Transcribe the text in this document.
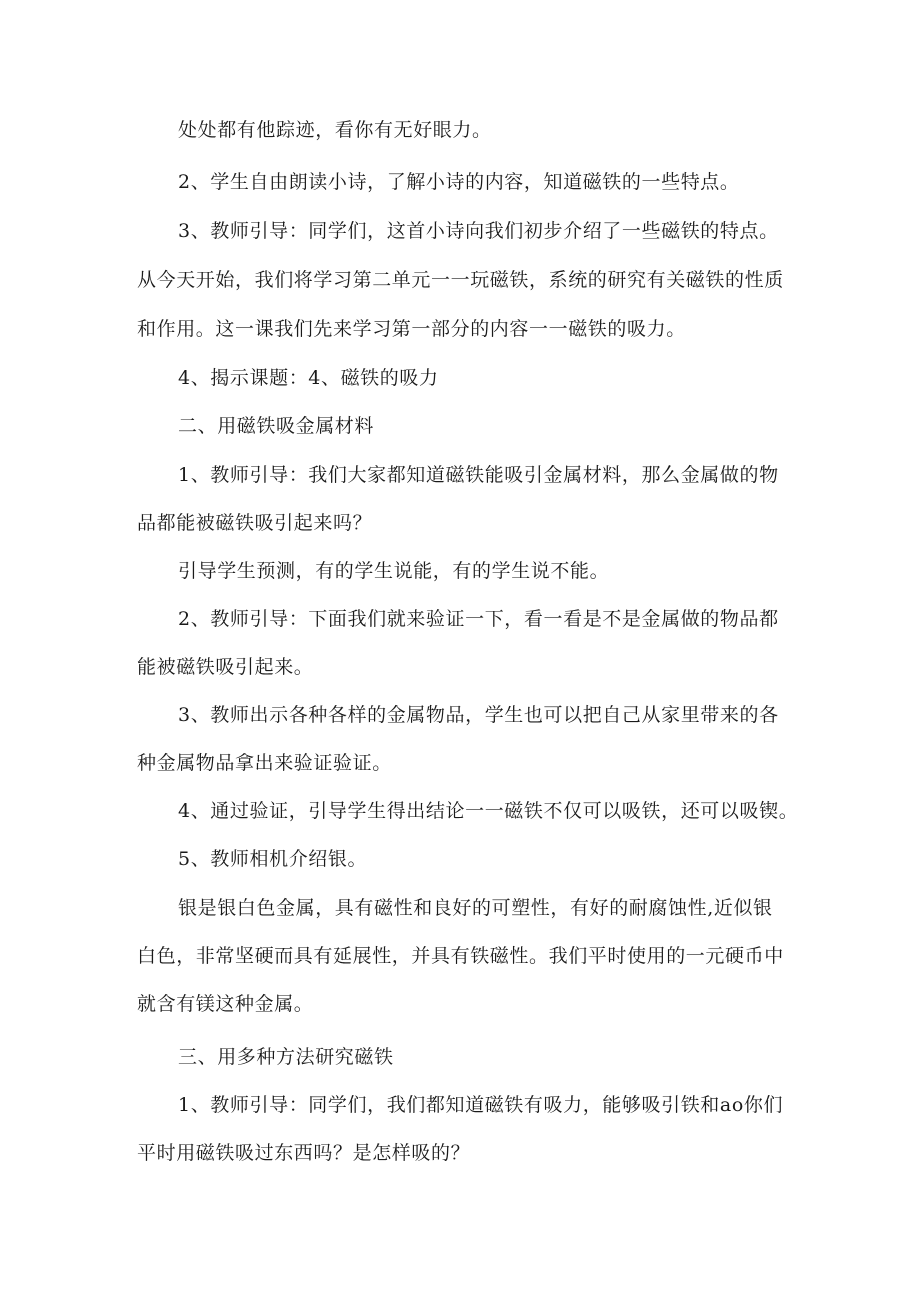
处处都有他踪迹，看你有无好眼力。
2、学生自由朗读小诗，了解小诗的内容，知道磁铁的一些特点。
3、教师引导：同学们，这首小诗向我们初步介绍了一些磁铁的特点。
从今天开始，我们将学习第二单元一一玩磁铁，系统的研究有关磁铁的性质
和作用。这一课我们先来学习第一部分的内容一一磁铁的吸力。
4、揭示课题：4、磁铁的吸力
二、用磁铁吸金属材料
1、教师引导：我们大家都知道磁铁能吸引金属材料，那么金属做的物
品都能被磁铁吸引起来吗？
引导学生预测，有的学生说能，有的学生说不能。
2、教师引导：下面我们就来验证一下，看一看是不是金属做的物品都
能被磁铁吸引起来。
3、教师出示各种各样的金属物品，学生也可以把自己从家里带来的各
种金属物品拿出来验证验证。
4、通过验证，引导学生得出结论一一磁铁不仅可以吸铁，还可以吸锲。
5、教师相机介绍银。
银是银白色金属，具有磁性和良好的可塑性，有好的耐腐蚀性,近似银
白色，非常坚硬而具有延展性，并具有铁磁性。我们平时使用的一元硬币中
就含有镁这种金属。
三、用多种方法研究磁铁
1、教师引导：同学们，我们都知道磁铁有吸力，能够吸引铁和ao你们
平时用磁铁吸过东西吗？是怎样吸的？
